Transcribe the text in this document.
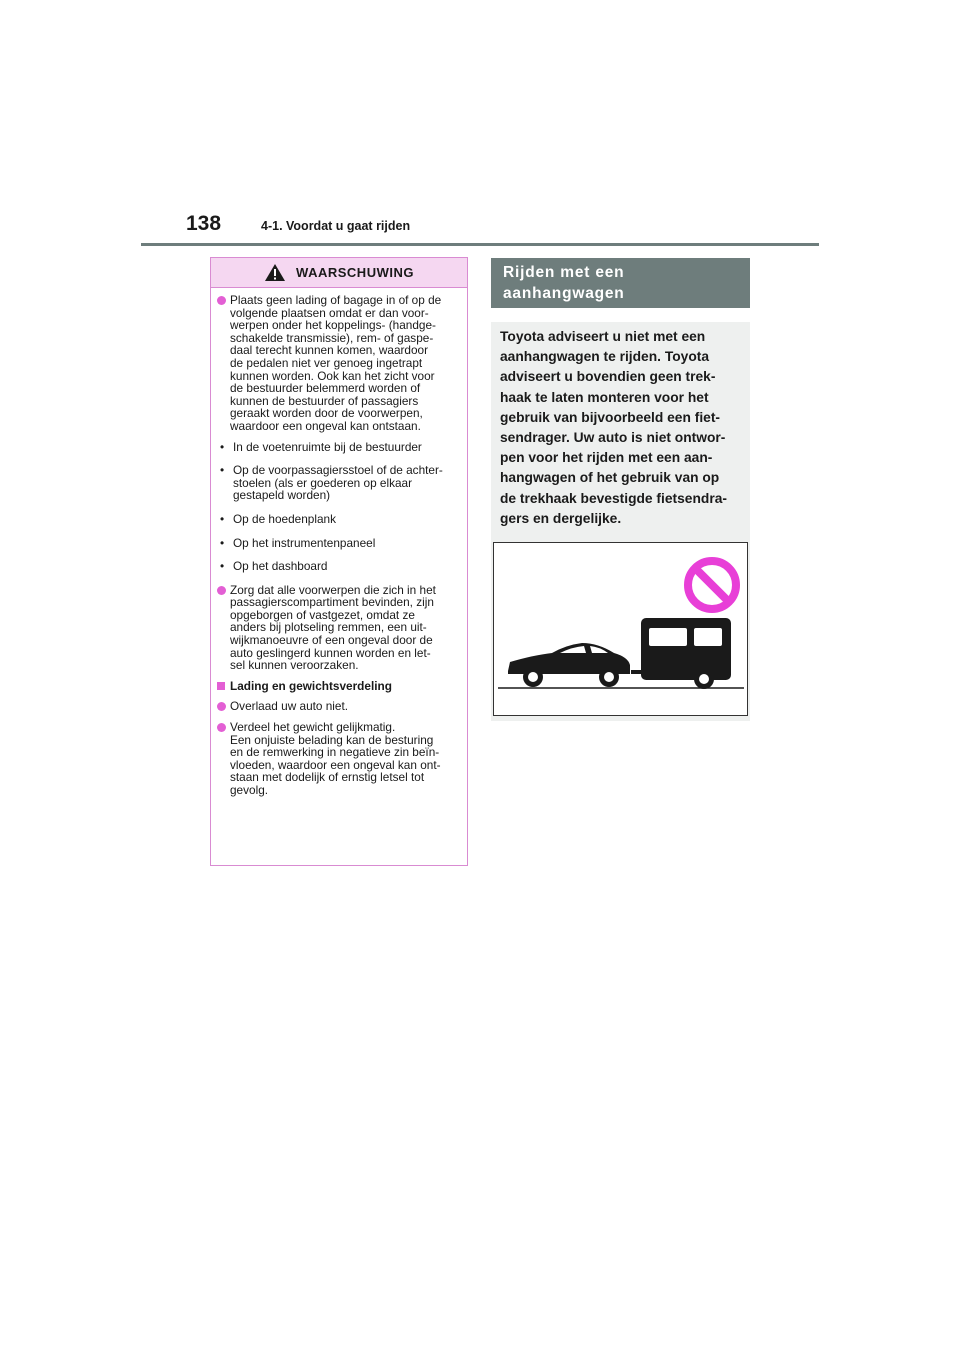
138	4-1. Voordat u gaat rijden
WAARSCHUWING
Plaats geen lading of bagage in of op de
volgende plaatsen omdat er dan voor-
werpen onder het koppelings- (handge-
schakelde transmissie), rem- of gaspe-
daal terecht kunnen komen, waardoor
de pedalen niet ver genoeg ingetrapt
kunnen worden. Ook kan het zicht voor
de bestuurder belemmerd worden of
kunnen de bestuurder of passagiers
geraakt worden door de voorwerpen,
waardoor een ongeval kan ontstaan.
• In de voetenruimte bij de bestuurder
• Op de voorpassagiersstoel of de achter-
stoelen (als er goederen op elkaar
gestapeld worden)
• Op de hoedenplank
• Op het instrumentenpaneel
• Op het dashboard
Zorg dat alle voorwerpen die zich in het
passagierscompartiment bevinden, zijn
opgeborgen of vastgezet, omdat ze
anders bij plotseling remmen, een uit-
wijkmanoeuvre of een ongeval door de
auto geslingerd kunnen worden en let-
sel kunnen veroorzaken.
Lading en gewichtsverdeling
Overlaad uw auto niet.
Verdeel het gewicht gelijkmatig.
Een onjuiste belading kan de besturing
en de remwerking in negatieve zin beïn-
vloeden, waardoor een ongeval kan ont-
staan met dodelijk of ernstig letsel tot
gevolg.
Rijden met een
aanhangwagen
Toyota adviseert u niet met een
aanhangwagen te rijden. Toyota
adviseert u bovendien geen trek-
haak te laten monteren voor het
gebruik van bijvoorbeeld een fiet-
sendrager. Uw auto is niet ontwor-
pen voor het rijden met een aan-
hangwagen of het gebruik van op
de trekhaak bevestigde fietsendra-
gers en dergelijke.
